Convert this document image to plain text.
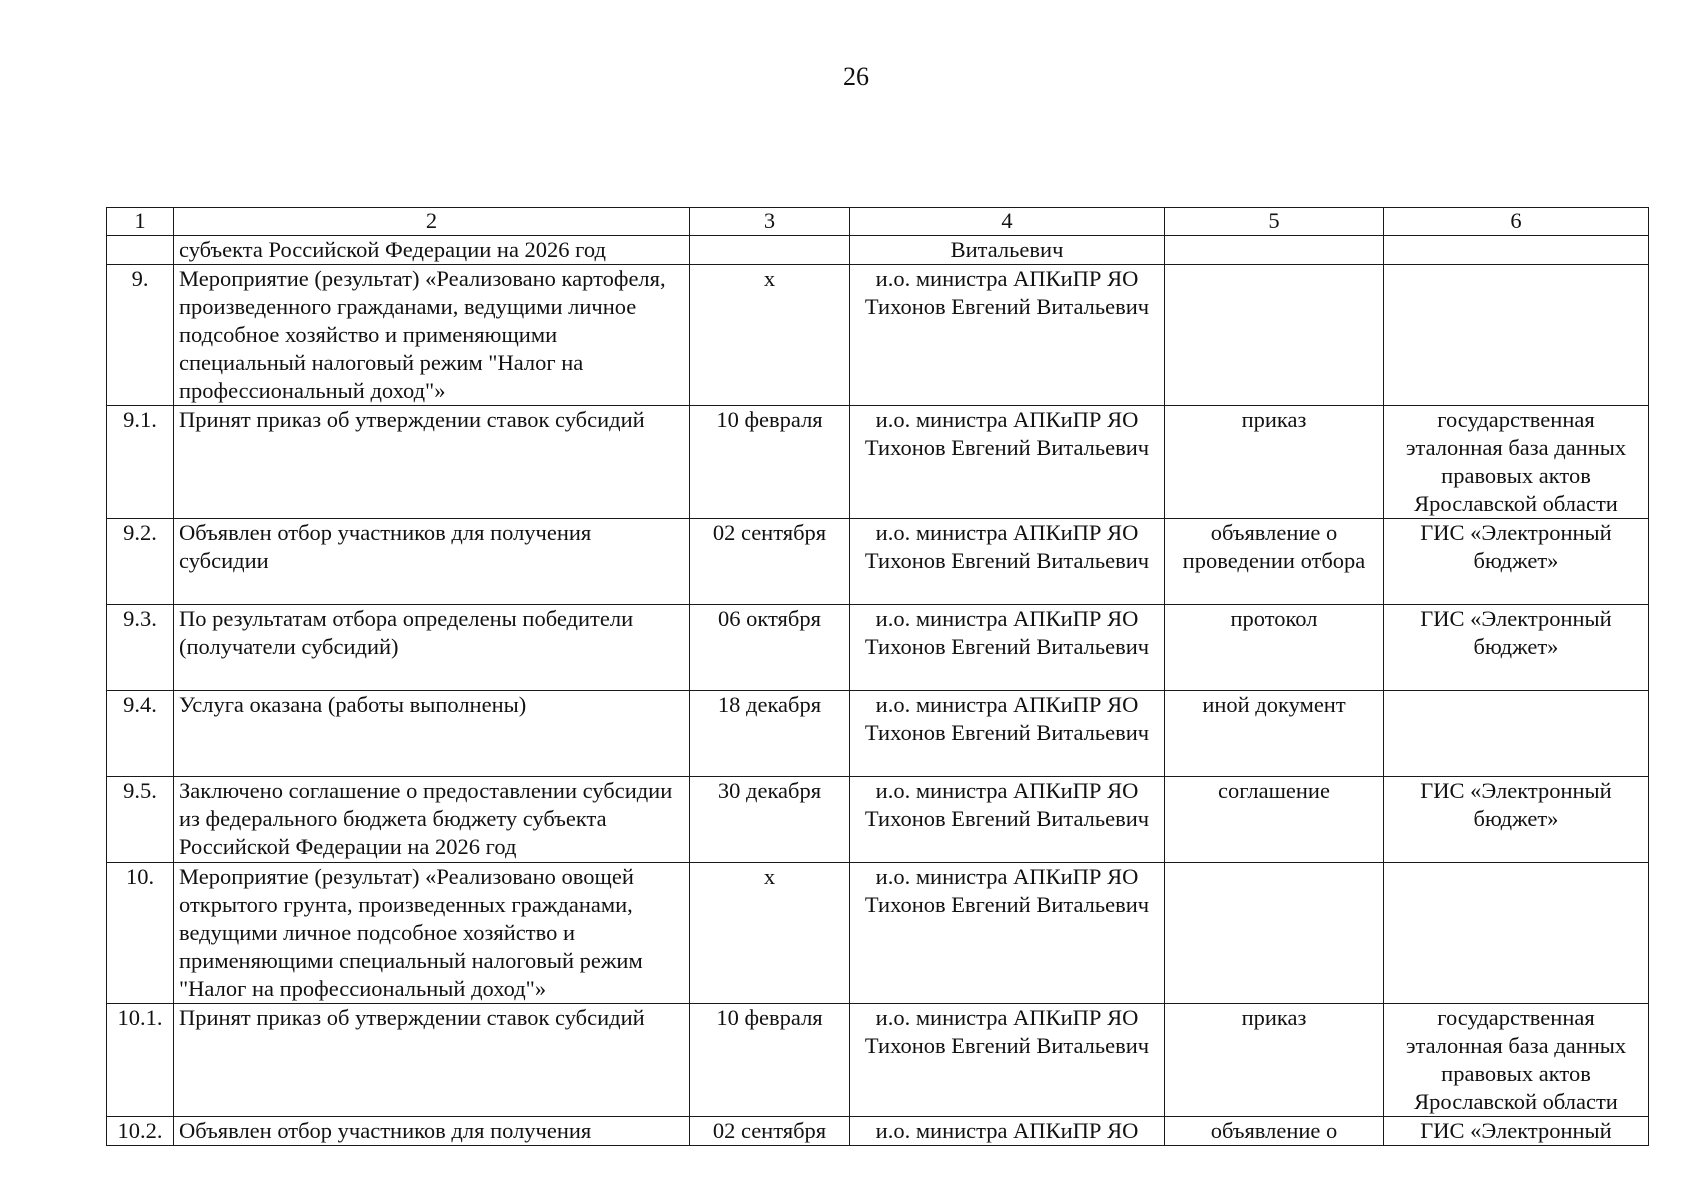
26
1	2	3	4	5	6
	субъекта Российской Федерации на 2026 год		Витальевич		
9.	Мероприятие (результат) «Реализовано картофеля, произведенного гражданами, ведущими личное подсобное хозяйство и применяющими специальный налоговый режим "Налог на профессиональный доход"»	х	и.о. министра АПКиПР ЯО Тихонов Евгений Витальевич		
9.1.	Принят приказ об утверждении ставок субсидий	10 февраля	и.о. министра АПКиПР ЯО Тихонов Евгений Витальевич	приказ	государственная эталонная база данных правовых актов Ярославской области
9.2.	Объявлен отбор участников для получения субсидии	02 сентября	и.о. министра АПКиПР ЯО Тихонов Евгений Витальевич	объявление о проведении отбора	ГИС «Электронный бюджет»
9.3.	По результатам отбора определены победители (получатели субсидий)	06 октября	и.о. министра АПКиПР ЯО Тихонов Евгений Витальевич	протокол	ГИС «Электронный бюджет»
9.4.	Услуга оказана (работы выполнены)	18 декабря	и.о. министра АПКиПР ЯО Тихонов Евгений Витальевич	иной документ	
9.5.	Заключено соглашение о предоставлении субсидии из федерального бюджета бюджету субъекта Российской Федерации на 2026 год	30 декабря	и.о. министра АПКиПР ЯО Тихонов Евгений Витальевич	соглашение	ГИС «Электронный бюджет»
10.	Мероприятие (результат) «Реализовано овощей открытого грунта, произведенных гражданами, ведущими личное подсобное хозяйство и применяющими специальный налоговый режим "Налог на профессиональный доход"»	х	и.о. министра АПКиПР ЯО Тихонов Евгений Витальевич		
10.1.	Принят приказ об утверждении ставок субсидий	10 февраля	и.о. министра АПКиПР ЯО Тихонов Евгений Витальевич	приказ	государственная эталонная база данных правовых актов Ярославской области
10.2.	Объявлен отбор участников для получения	02 сентября	и.о. министра АПКиПР ЯО	объявление о	ГИС «Электронный
